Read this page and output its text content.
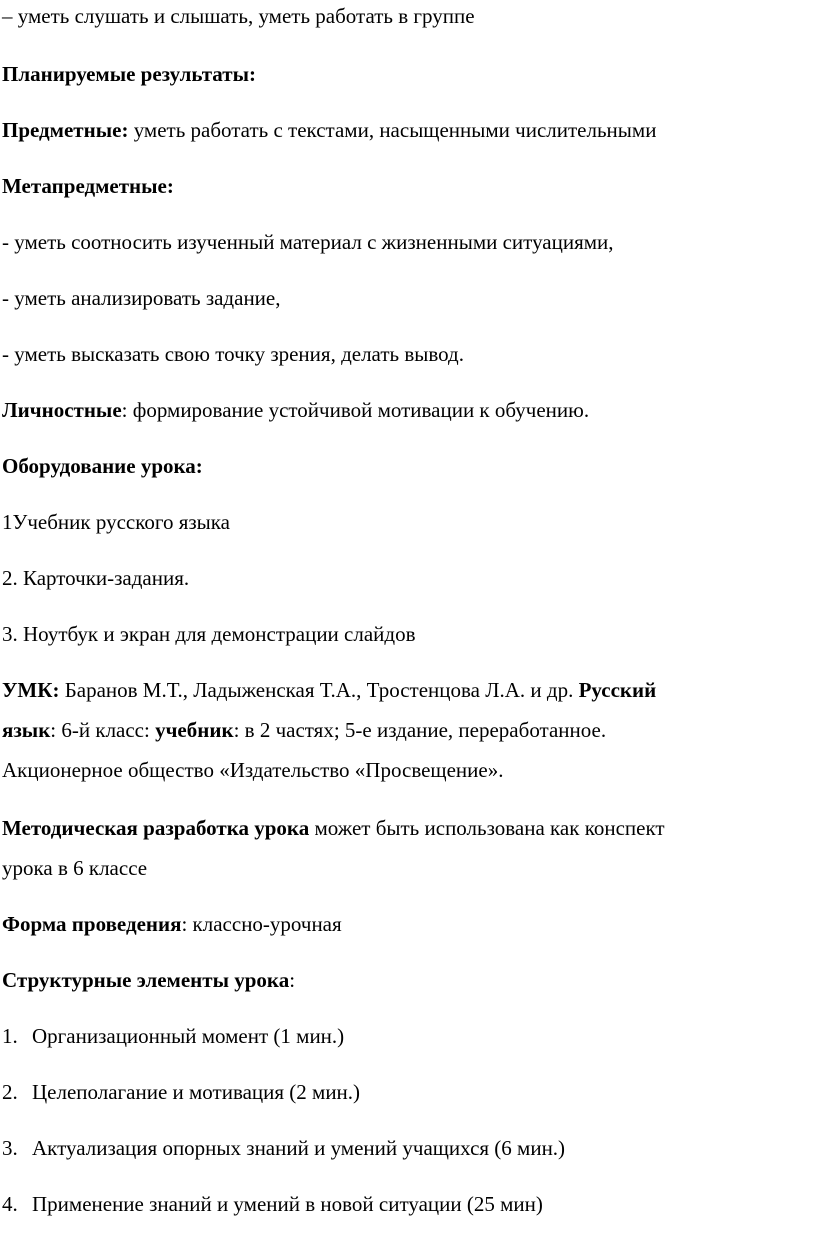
– уметь слушать и слышать, уметь работать в группе
Планируемые результаты:
Предметные: уметь работать с текстами, насыщенными числительными
Метапредметные:
- уметь соотносить изученный материал с жизненными ситуациями,
- уметь анализировать задание,
- уметь высказать свою точку зрения, делать вывод.
Личностные: формирование устойчивой мотивации к обучению.
Оборудование урока:
1Учебник русского языка
2. Карточки-задания.
3. Ноутбук и экран для демонстрации слайдов
УМК: Баранов М.Т., Ладыженская Т.А., Тростенцова Л.А. и др. Русский
язык: 6-й класс: учебник: в 2 частях; 5-е издание, переработанное.
Акционерное общество «Издательство «Просвещение».
Методическая разработка урока может быть использована как конспект
урока в 6 классе
Форма проведения: классно-урочная
Структурные элементы урока:
1. Организационный момент (1 мин.)
2. Целеполагание и мотивация (2 мин.)
3. Актуализация опорных знаний и умений учащихся (6 мин.)
4. Применение знаний и умений в новой ситуации (25 мин)
